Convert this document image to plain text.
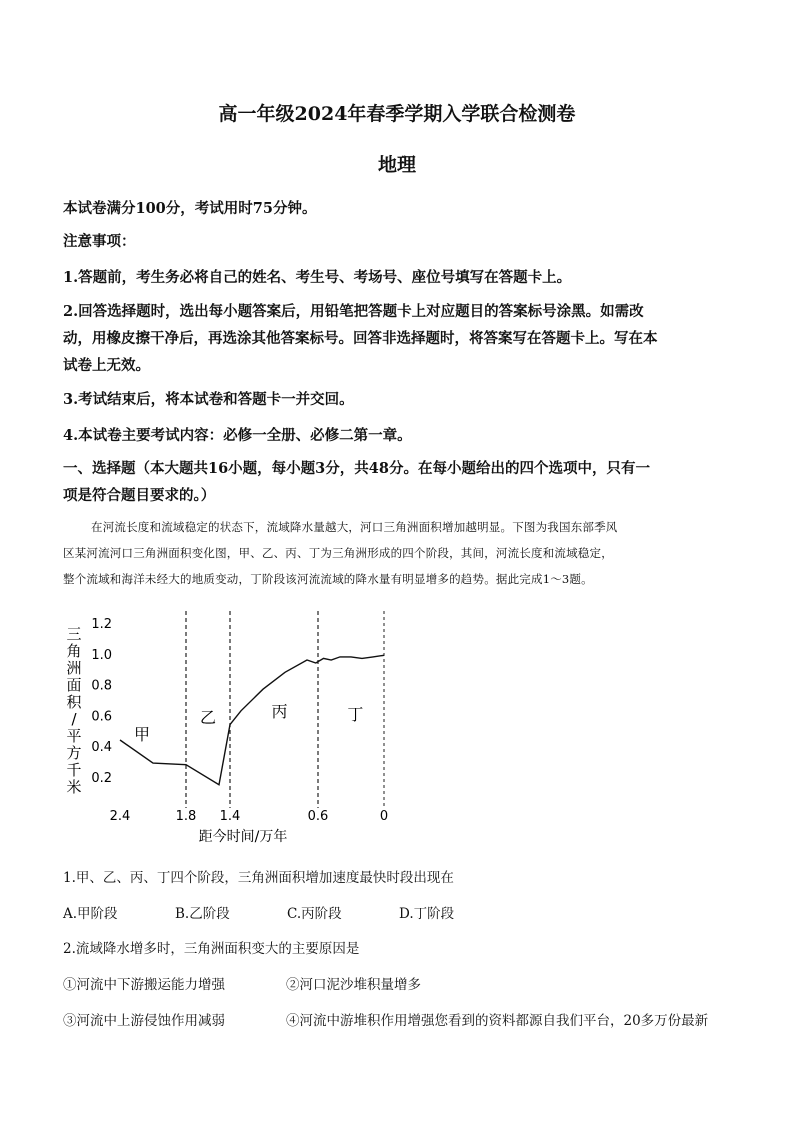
高一年级2024年春季学期入学联合检测卷
地理
本试卷满分100分，考试用时75分钟。
注意事项：
1.答题前，考生务必将自己的姓名、考生号、考场号、座位号填写在答题卡上。
2.回答选择题时，选出每小题答案后，用铅笔把答题卡上对应题目的答案标号涂黑。如需改
动，用橡皮擦干净后，再选涂其他答案标号。回答非选择题时，将答案写在答题卡上。写在本
试卷上无效。
3.考试结束后，将本试卷和答题卡一并交回。
4.本试卷主要考试内容：必修一全册、必修二第一章。
一、选择题（本大题共16小题，每小题3分，共48分。在每小题给出的四个选项中，只有一
项是符合题目要求的。）
在河流长度和流域稳定的状态下，流域降水量越大，河口三角洲面积增加越明显。下图为我国东部季风
区某河流河口三角洲面积变化图，甲、乙、丙、丁为三角洲形成的四个阶段，其间，河流长度和流域稳定，
整个流域和海洋未经大的地质变动，丁阶段该河流流域的降水量有明显增多的趋势。据此完成1～3题。
三
角
洲
面
积
/
平
方
千
米
1.2
1.0
0.8
0.6
0.4
0.2
2.4	1.8 1.4	0.6	0
甲
乙	丙	丁
距今时间/万年
1.甲、乙、丙、丁四个阶段，三角洲面积增加速度最快时段出现在
A.甲阶段	B.乙阶段	C.丙阶段	D.丁阶段
2.流域降水增多时，三角洲面积变大的主要原因是
①河流中下游搬运能力增强	②河口泥沙堆积量增多
③河流中上游侵蚀作用减弱	④河流中游堆积作用增强您看到的资料都源自我们平台，20多万份最新
